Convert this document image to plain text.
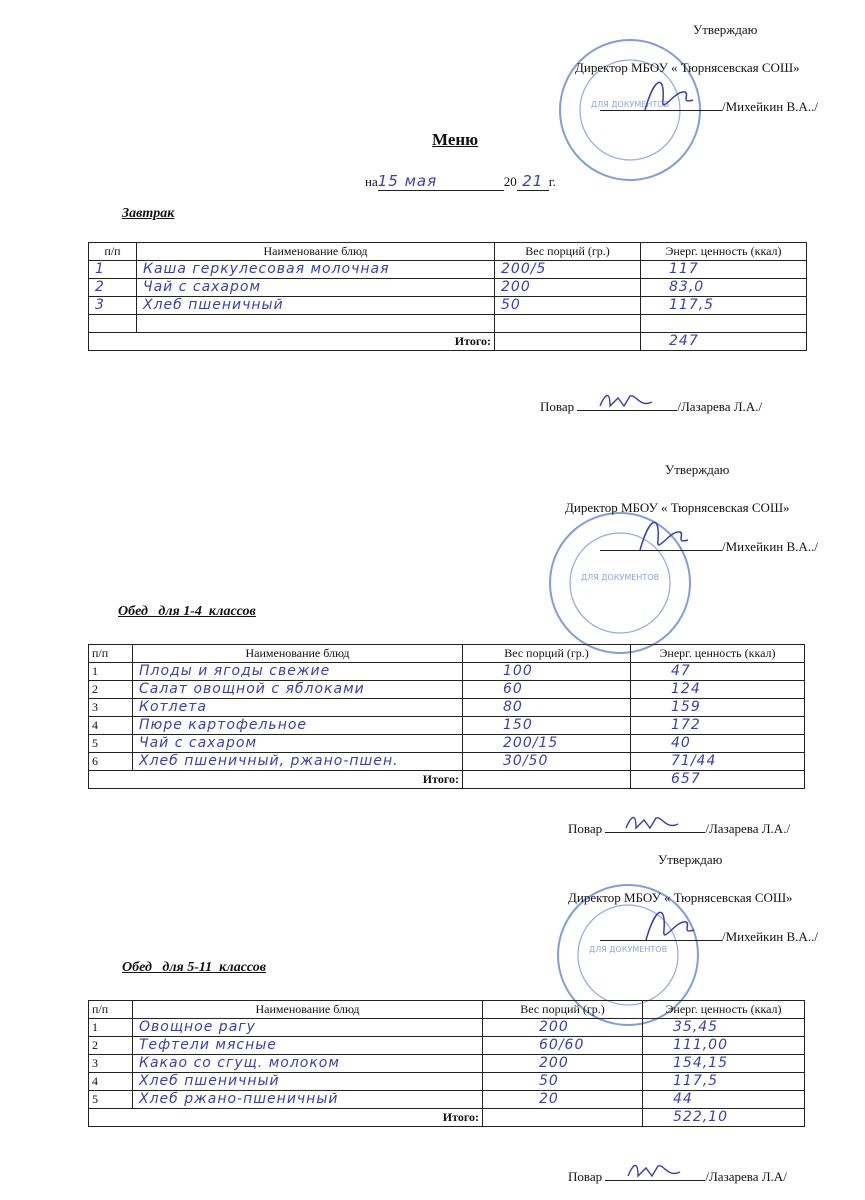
ДЛЯ ДОКУМЕНТОВ
Утверждаю
Директор МБОУ « Тюрнясевская СОШ»
/Михейкин В.А../
Меню
на15 мая	20 21 г.
Завтрак
п/п	Наименование блюд	Вес порций (гр.)	Энерг. ценность (ккал)
1	Каша геркулесовая молочная	200/5	117
2	Чай с сахаром	200	83,0
3	Хлеб пшеничный	50	117,5

Итого:			247
Повар	/Лазарева Л.А./
ДЛЯ ДОКУМЕНТОВ
Утверждаю
Директор МБОУ « Тюрнясевская СОШ»
/Михейкин В.А../
Обед   для 1-4  классов
п/п	Наименование блюд	Вес порций (гр.)	Энерг. ценность (ккал)
1	Плоды и ягоды свежие	100	47
2	Салат овощной с яблоками	60	124
3	Котлета	80	159
4	Пюре картофельное	150	172
5	Чай с сахаром	200/15	40
6	Хлеб пшеничный, ржано-пшен.	30/50	71/44
Итого:			657
Повар	/Лазарева Л.А./
ДЛЯ ДОКУМЕНТОВ
Утверждаю
Директор МБОУ « Тюрнясевская СОШ»
/Михейкин В.А../
Обед   для 5-11  классов
п/п	Наименование блюд	Вес порций (гр.)	Энерг. ценность (ккал)
1	Овощное рагу	200	35,45
2	Тефтели мясные	60/60	111,00
3	Какао со сгущ. молоком	200	154,15
4	Хлеб пшеничный	50	117,5
5	Хлеб ржано-пшеничный	20	44
Итого:			522,10
Повар	/Лазарева Л.А/
